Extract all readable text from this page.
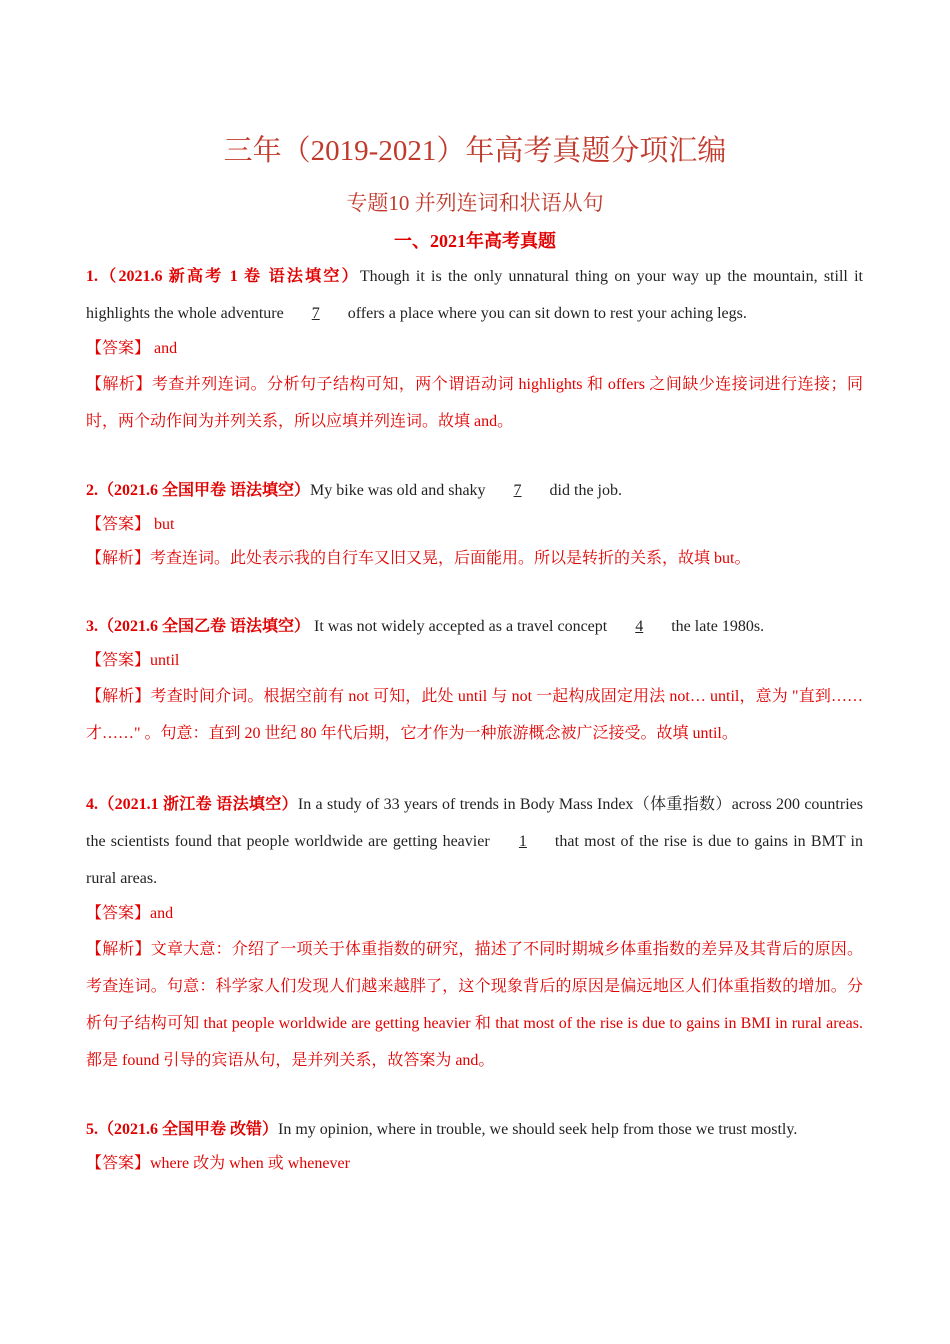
三年（2019-2021）年高考真题分项汇编
专题10 并列连词和状语从句
一、2021年高考真题

1.（2021.6 新高考 1 卷 语法填空）Though it is the only unnatural thing on your way up the mountain, still it highlights the whole adventure 7 offers a place where you can sit down to rest your aching legs.

【答案】 and

【解析】考查并列连词。分析句子结构可知，两个谓语动词 highlights 和 offers 之间缺少连接词进行连接；同时，两个动作间为并列关系，所以应填并列连词。故填 and。

2.（2021.6 全国甲卷 语法填空）My bike was old and shaky 7 did the job.

【答案】 but

【解析】考查连词。此处表示我的自行车又旧又晃，后面能用。所以是转折的关系，故填 but。

3.（2021.6 全国乙卷 语法填空） It was not widely accepted as a travel concept 4 the late 1980s.

【答案】until

【解析】考查时间介词。根据空前有 not 可知，此处 until 与 not 一起构成固定用法 not… until，意为 "直到……才……" 。句意：直到 20 世纪 80 年代后期，它才作为一种旅游概念被广泛接受。故填 until。

4.（2021.1 浙江卷 语法填空）In a study of 33 years of trends in Body Mass Index（体重指数）across 200 countries the scientists found that people worldwide are getting heavier 1 that most of the rise is due to gains in BMT in rural areas.

【答案】and

【解析】文章大意：介绍了一项关于体重指数的研究，描述了不同时期城乡体重指数的差异及其背后的原因。考查连词。句意：科学家人们发现人们越来越胖了，这个现象背后的原因是偏远地区人们体重指数的增加。分析句子结构可知 that people worldwide are getting heavier 和 that most of the rise is due to gains in BMI in rural areas.都是 found 引导的宾语从句，是并列关系，故答案为 and。

5.（2021.6 全国甲卷 改错）In my opinion, where in trouble, we should seek help from those we trust mostly.

【答案】where 改为 when 或 whenever
